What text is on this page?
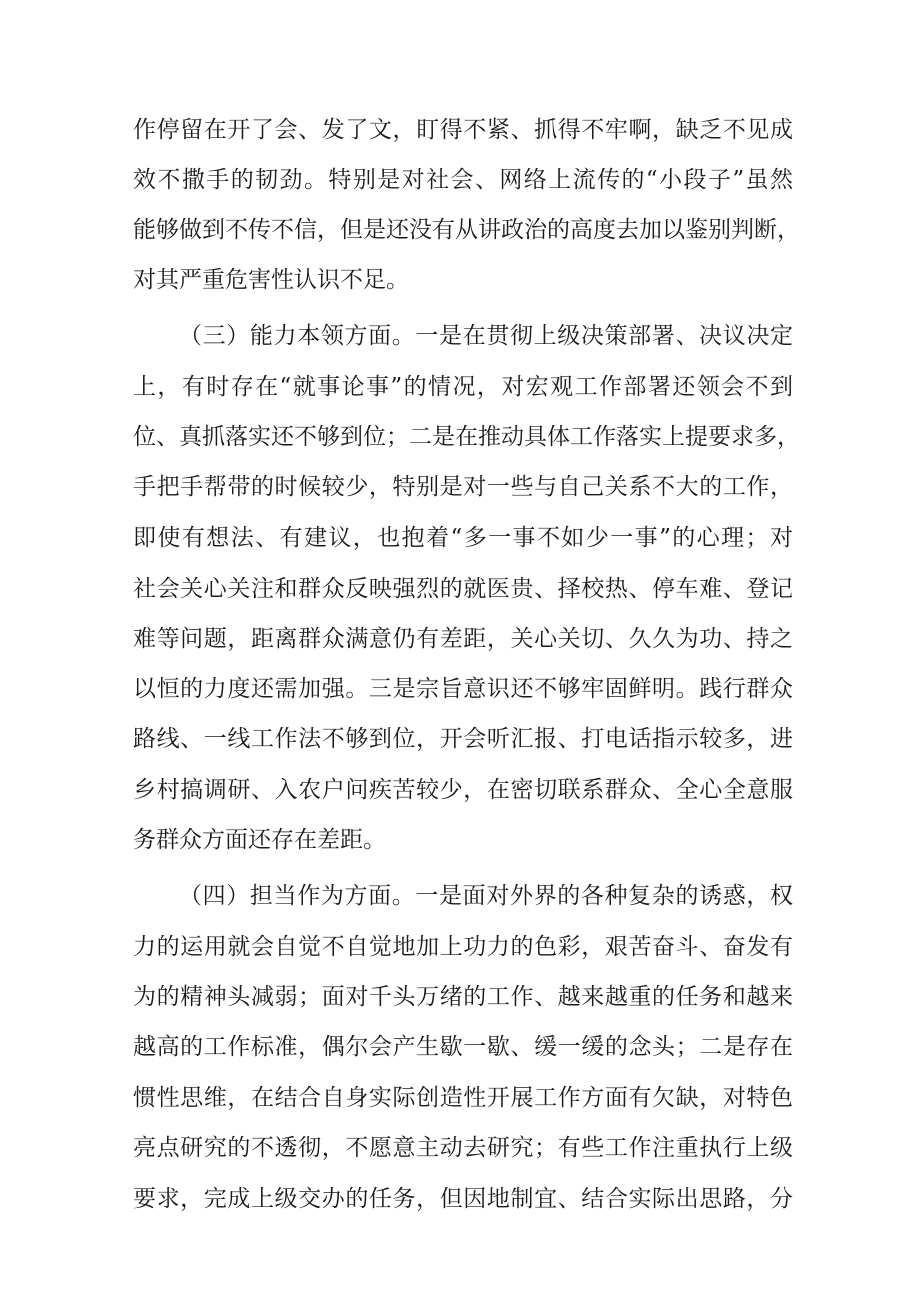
作停留在开了会、发了文，盯得不紧、抓得不牢啊，缺乏不见成
效不撒手的韧劲。特别是对社会、网络上流传的“小段子”虽然
能够做到不传不信，但是还没有从讲政治的高度去加以鉴别判断，
对其严重危害性认识不足。
（三）能力本领方面。一是在贯彻上级决策部署、决议决定
上，有时存在“就事论事”的情况，对宏观工作部署还领会不到
位、真抓落实还不够到位；二是在推动具体工作落实上提要求多，
手把手帮带的时候较少，特别是对一些与自己关系不大的工作，
即使有想法、有建议，也抱着“多一事不如少一事”的心理；对
社会关心关注和群众反映强烈的就医贵、择校热、停车难、登记
难等问题，距离群众满意仍有差距，关心关切、久久为功、持之
以恒的力度还需加强。三是宗旨意识还不够牢固鲜明。践行群众
路线、一线工作法不够到位，开会听汇报、打电话指示较多，进
乡村搞调研、入农户问疾苦较少，在密切联系群众、全心全意服
务群众方面还存在差距。
（四）担当作为方面。一是面对外界的各种复杂的诱惑，权
力的运用就会自觉不自觉地加上功力的色彩，艰苦奋斗、奋发有
为的精神头减弱；面对千头万绪的工作、越来越重的任务和越来
越高的工作标准，偶尔会产生歇一歇、缓一缓的念头；二是存在
惯性思维，在结合自身实际创造性开展工作方面有欠缺，对特色
亮点研究的不透彻，不愿意主动去研究；有些工作注重执行上级
要求，完成上级交办的任务，但因地制宜、结合实际出思路，分
